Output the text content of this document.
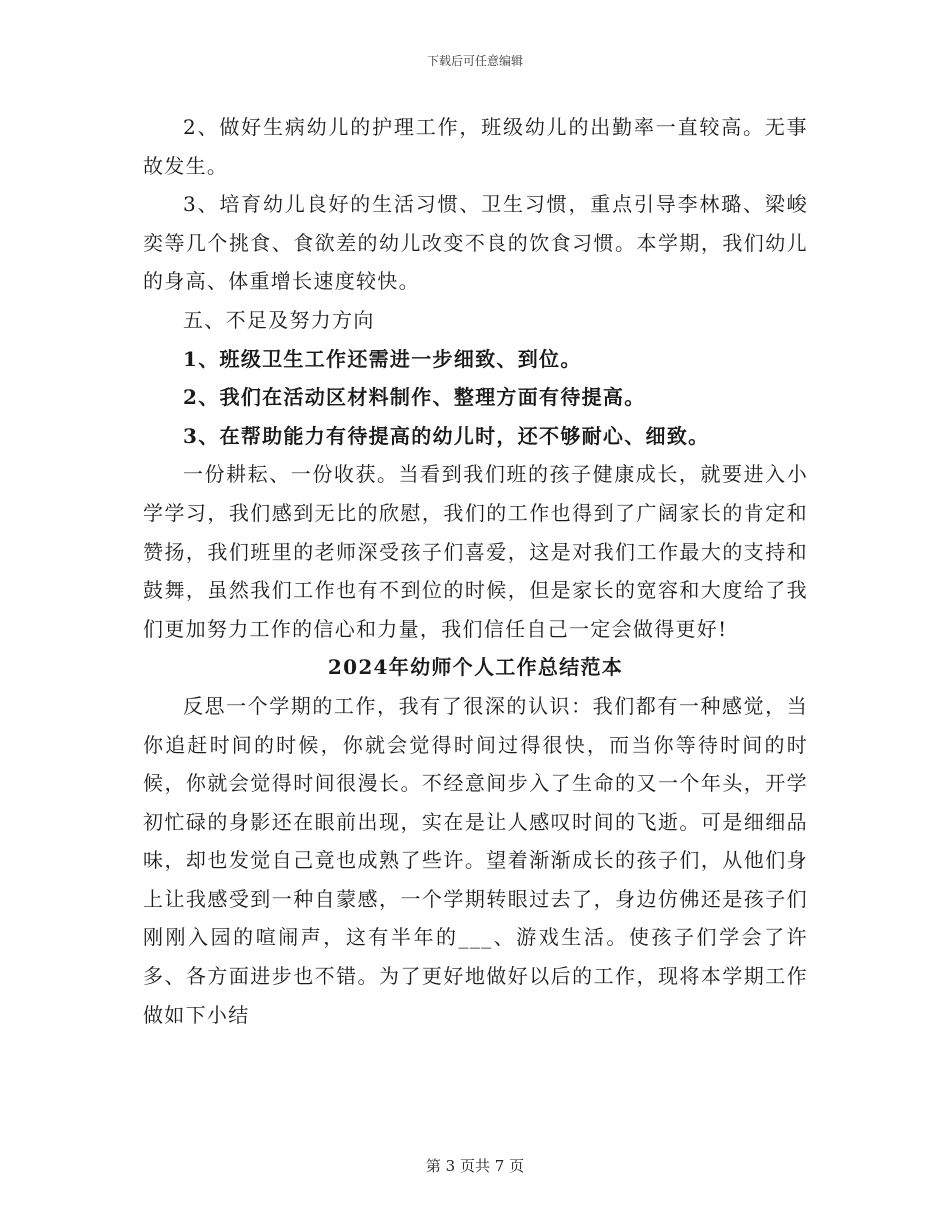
下载后可任意编辑

2、做好生病幼儿的护理工作，班级幼儿的出勤率一直较高。无事故发生。

3、培育幼儿良好的生活习惯、卫生习惯，重点引导李林璐、梁峻奕等几个挑食、食欲差的幼儿改变不良的饮食习惯。本学期，我们幼儿的身高、体重增长速度较快。

五、不足及努力方向

1、班级卫生工作还需进一步细致、到位。

2、我们在活动区材料制作、整理方面有待提高。

3、在帮助能力有待提高的幼儿时，还不够耐心、细致。

一份耕耘、一份收获。当看到我们班的孩子健康成长，就要进入小学学习，我们感到无比的欣慰，我们的工作也得到了广阔家长的肯定和赞扬，我们班里的老师深受孩子们喜爱，这是对我们工作最大的支持和鼓舞，虽然我们工作也有不到位的时候，但是家长的宽容和大度给了我们更加努力工作的信心和力量，我们信任自己一定会做得更好!

2024年幼师个人工作总结范本

反思一个学期的工作，我有了很深的认识：我们都有一种感觉，当你追赶时间的时候，你就会觉得时间过得很快，而当你等待时间的时候，你就会觉得时间很漫长。不经意间步入了生命的又一个年头，开学初忙碌的身影还在眼前出现，实在是让人感叹时间的飞逝。可是细细品味，却也发觉自己竟也成熟了些许。望着渐渐成长的孩子们，从他们身上让我感受到一种自蒙感，一个学期转眼过去了，身边仿佛还是孩子们刚刚入园的喧闹声，这有半年的___、游戏生活。使孩子们学会了许多、各方面进步也不错。为了更好地做好以后的工作，现将本学期工作做如下小结

第 3 页共 7 页
